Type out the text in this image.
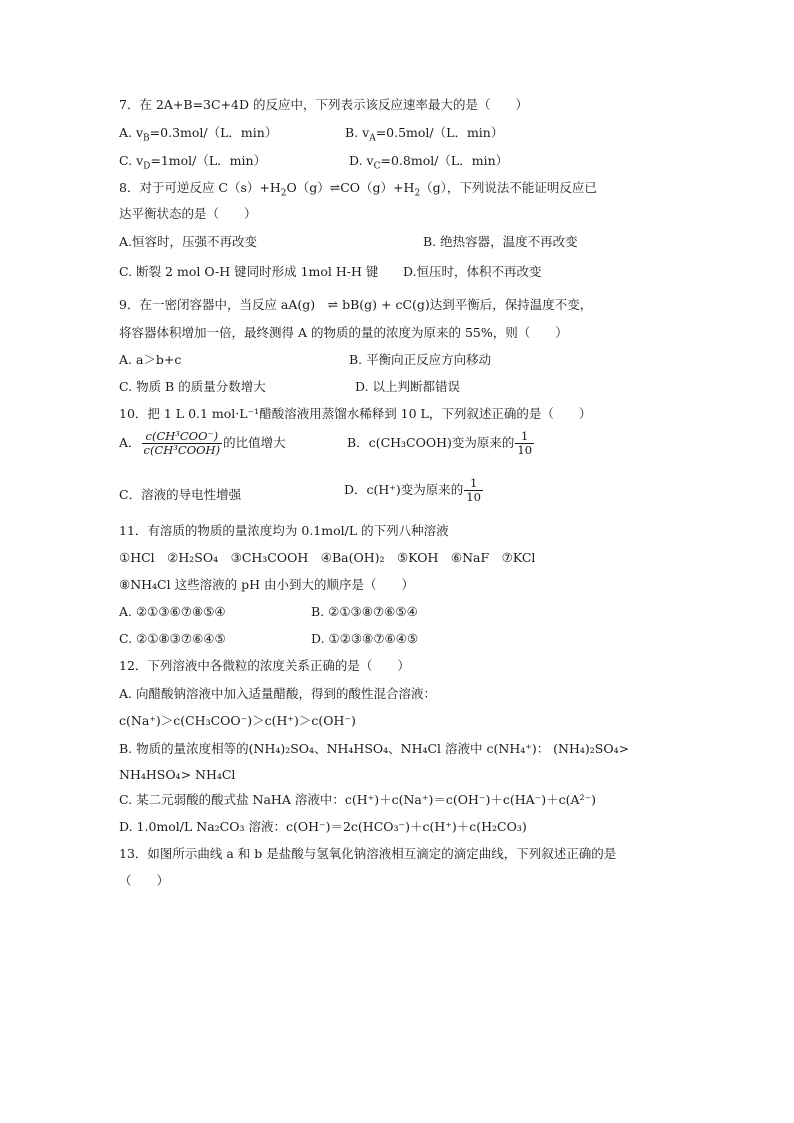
7．在 2A+B=3C+4D 的反应中，下列表示该反应速率最大的是（　　）
A. $v_B=0.3mol/(L$．min）	B. $v_A=0.5mol/(L$．min）
C. $v_D=1mol/(L$．min）	D. $v_C=0.8mol/(L$．min）
8．对于可逆反应 $C(s)+H_2O(g)\rightleftharpoons CO(g)+H_2(g)$，下列说法不能证明反应已
达平衡状态的是（　　）
A.恒容时，压强不再改变	B. 绝热容器，温度不再改变
C. 断裂 2 mol O-H 键同时形成 1mol H-H 键 D.恒压时，体积不再改变
9．在一密闭容器中，当反应 aA(g)　⇌ bB(g) + cC(g)达到平衡后，保持温度不变，
将容器体积增加一倍，最终测得 A 的物质的量的浓度为原来的 55%，则（　　）
A. a＞b+c	B. 平衡向正反应方向移动
C. 物质 B 的质量分数增大	D. 以上判断都错误
10．把 1 L 0.1 mol·L⁻¹醋酸溶液用蒸馏水稀释到 10 L，下列叙述正确的是（　　）
A． $\frac{\text{c(CH³COO⁻)}}{\text{c(CH³COOH)}}$ 的比值增大	B．c(CH₃COOH)变为原来的 $\frac{1}{10}$
C．溶液的导电性增强	D．c(H⁺)变为原来的 $\frac{1}{10}$
11．有溶质的物质的量浓度均为 0.1mol/L 的下列八种溶液
①HCl　②H₂SO₄　③CH₃COOH　④Ba(OH)₂　⑤KOH　⑥NaF　⑦KCl
⑧NH₄Cl 这些溶液的 pH 由小到大的顺序是（　　）
A. ②①③⑥⑦⑧⑤④	B. ②①③⑧⑦⑥⑤④
C. ②①⑧③⑦⑥④⑤	D. ①②③⑧⑦⑥④⑤
12．下列溶液中各微粒的浓度关系正确的是（　　）
A. 向醋酸钠溶液中加入适量醋酸，得到的酸性混合溶液：
c(Na⁺)＞c(CH₃COO⁻)＞c(H⁺)＞c(OH⁻)
B. 物质的量浓度相等的(NH₄)₂SO₄、NH₄HSO₄、NH₄Cl 溶液中 c(NH₄⁺)： (NH₄)₂SO₄>
NH₄HSO₄> NH₄Cl
C. 某二元弱酸的酸式盐 NaHA 溶液中：c(H⁺)＋c(Na⁺)＝c(OH⁻)＋c(HA⁻)＋c(A²⁻)
D. 1.0mol/L Na₂CO₃ 溶液：c(OH⁻)＝2c(HCO₃⁻)＋c(H⁺)＋c(H₂CO₃)
13．如图所示曲线 a 和 b 是盐酸与氢氧化钠溶液相互滴定的滴定曲线，下列叙述正确的是
（　　）
